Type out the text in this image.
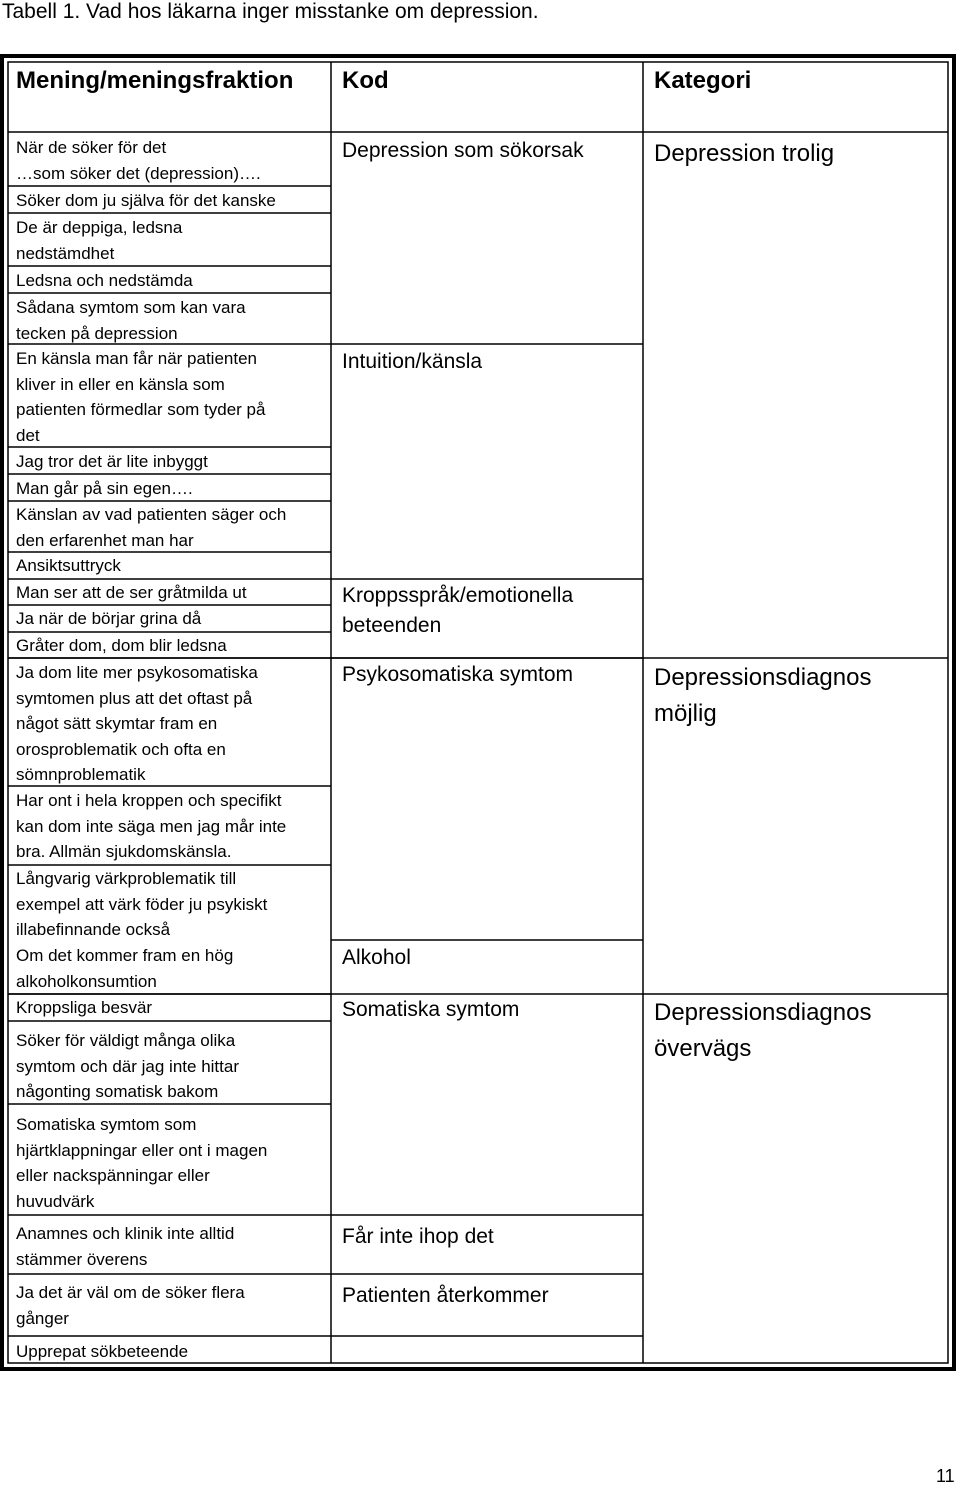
Tabell 1. Vad hos läkarna inger misstanke om depression.
Mening/meningsfraktion Kod	Kategori
När de söker för det
…som söker det (depression)….
Söker dom ju själva för det kanske
De är deppiga, ledsna
nedstämdhet
Ledsna och nedstämda
Sådana symtom som kan vara
tecken på depression
En känsla man får när patienten
kliver in eller en känsla som
patienten förmedlar som tyder på
det
Jag tror det är lite inbyggt
Man går på sin egen….
Känslan av vad patienten säger och
den erfarenhet man har
Ansiktsuttryck
Man ser att de ser gråtmilda ut
Ja när de börjar grina då
Gråter dom, dom blir ledsna
Ja dom lite mer psykosomatiska
symtomen plus att det oftast på
något sätt skymtar fram en
orosproblematik och ofta en
sömnproblematik
Har ont i hela kroppen och specifikt
kan dom inte säga men jag mår inte
bra. Allmän sjukdomskänsla.
Långvarig värkproblematik till
exempel att värk föder ju psykiskt
illabefinnande också
Om det kommer fram en hög
alkoholkonsumtion
Kroppsliga besvär
Söker för väldigt många olika
symtom och där jag inte hittar
någonting somatisk bakom
Somatiska symtom som
hjärtklappningar eller ont i magen
eller nackspänningar eller
huvudvärk
Anamnes och klinik inte alltid
stämmer överens
Ja det är väl om de söker flera
gånger
Upprepat sökbeteende
Depression som sökorsak
Intuition/känsla
Kroppsspråk/emotionella
beteenden
Psykosomatiska symtom
Alkohol
Somatiska symtom
Får inte ihop det
Patienten återkommer
Depression trolig
Depressionsdiagnos
möjlig
Depressionsdiagnos
övervägs
11
